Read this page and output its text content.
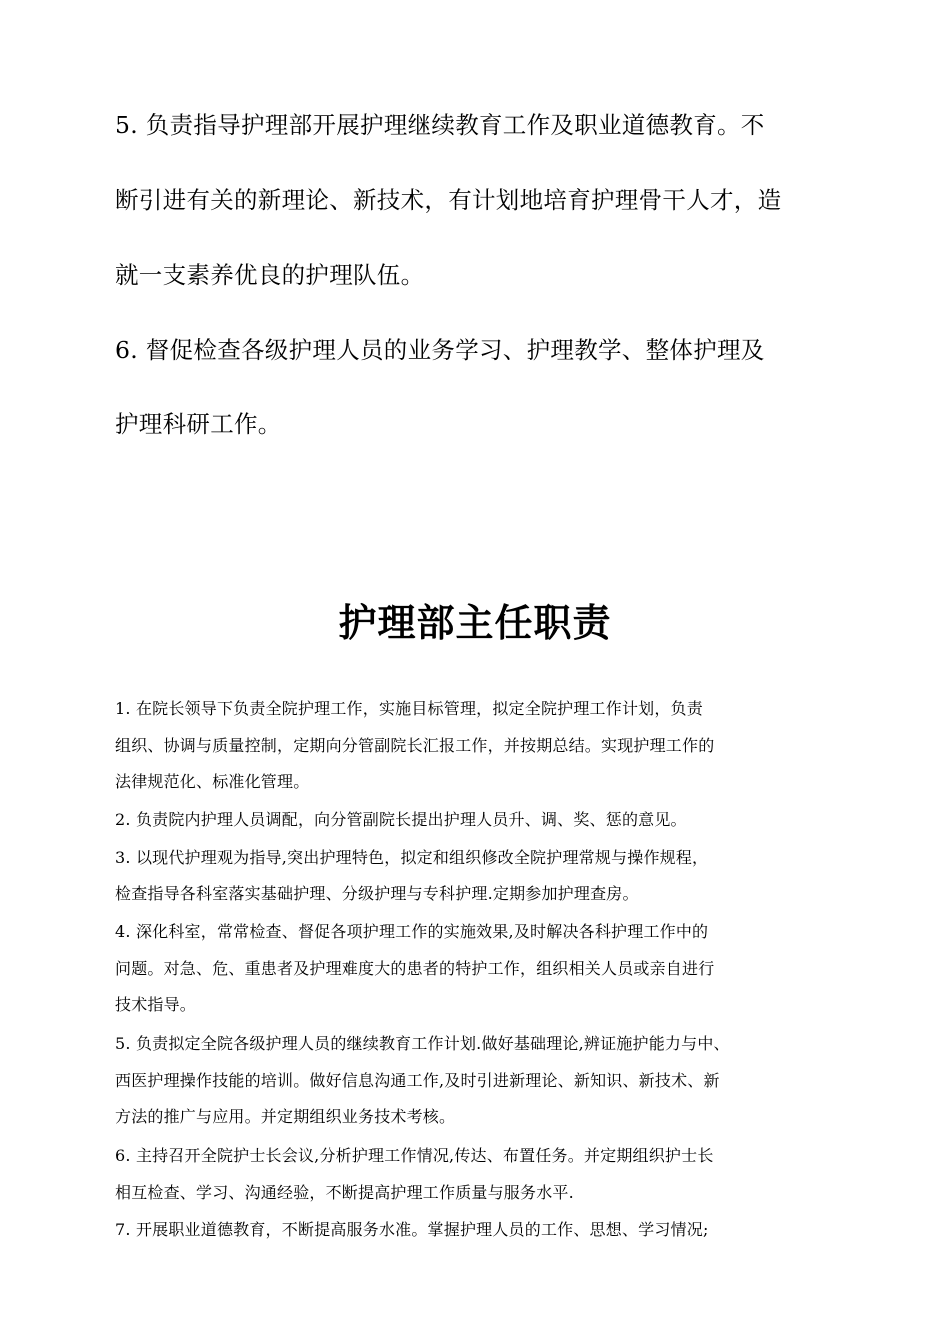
5. 负责指导护理部开展护理继续教育工作及职业道德教育。不
断引进有关的新理论、新技术，有计划地培育护理骨干人才，造
就一支素养优良的护理队伍。
6. 督促检查各级护理人员的业务学习、护理教学、整体护理及
护理科研工作。
护理部主任职责
1. 在院长领导下负责全院护理工作，实施目标管理，拟定全院护理工作计划，负责
组织、协调与质量控制，定期向分管副院长汇报工作，并按期总结。实现护理工作的
法律规范化、标准化管理。
2. 负责院内护理人员调配，向分管副院长提出护理人员升、调、奖、惩的意见。
3. 以现代护理观为指导,突出护理特色，拟定和组织修改全院护理常规与操作规程，
检查指导各科室落实基础护理、分级护理与专科护理.定期参加护理查房。
4. 深化科室，常常检查、督促各项护理工作的实施效果,及时解决各科护理工作中的
问题。对急、危、重患者及护理难度大的患者的特护工作，组织相关人员或亲自进行
技术指导。
5. 负责拟定全院各级护理人员的继续教育工作计划.做好基础理论,辨证施护能力与中、
西医护理操作技能的培训。做好信息沟通工作,及时引进新理论、新知识、新技术、新
方法的推广与应用。并定期组织业务技术考核。
6. 主持召开全院护士长会议,分析护理工作情况,传达、布置任务。并定期组织护士长
相互检查、学习、沟通经验，不断提高护理工作质量与服务水平.
7. 开展职业道德教育，不断提高服务水准。掌握护理人员的工作、思想、学习情况;
